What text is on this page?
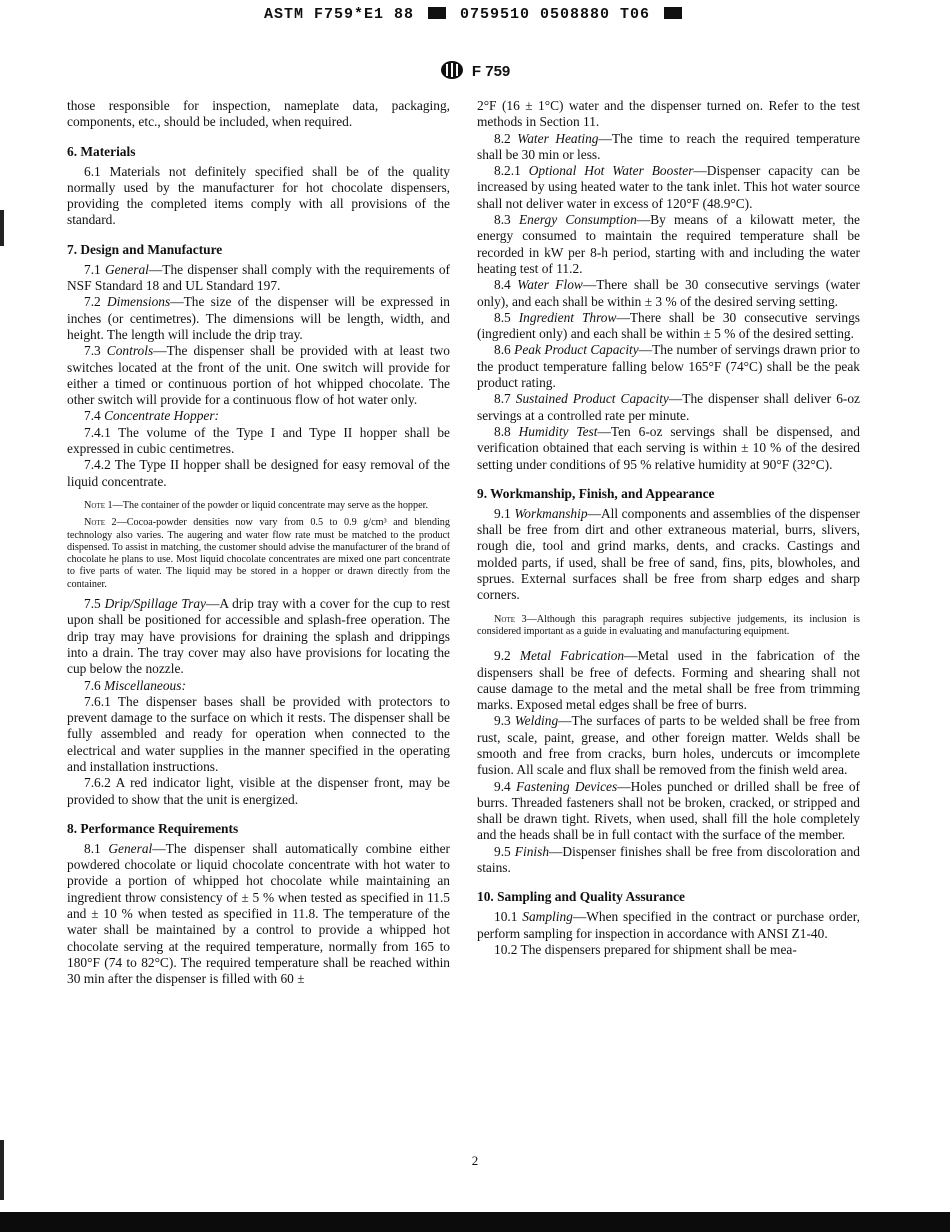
ASTM F759*E1 88	0759510 0508880 T06
F 759

those responsible for inspection, nameplate data, packaging, components, etc., should be included, when required.

6. Materials

6.1 Materials not definitely specified shall be of the quality normally used by the manufacturer for hot chocolate dispensers, providing the completed items comply with all provisions of the standard.

7. Design and Manufacture

7.1 General—The dispenser shall comply with the requirements of NSF Standard 18 and UL Standard 197.

7.2 Dimensions—The size of the dispenser will be expressed in inches (or centimetres). The dimensions will be length, width, and height. The length will include the drip tray.

7.3 Controls—The dispenser shall be provided with at least two switches located at the front of the unit. One switch will provide for either a timed or continuous portion of hot whipped chocolate. The other switch will provide for a continuous flow of hot water only.

7.4 Concentrate Hopper:

7.4.1 The volume of the Type I and Type II hopper shall be expressed in cubic centimetres.

7.4.2 The Type II hopper shall be designed for easy removal of the liquid concentrate.

Note 1—The container of the powder or liquid concentrate may serve as the hopper.

Note 2—Cocoa-powder densities now vary from 0.5 to 0.9 g/cm³ and blending technology also varies. The augering and water flow rate must be matched to the product dispensed. To assist in matching, the customer should advise the manufacturer of the brand of chocolate he plans to use. Most liquid chocolate concentrates are mixed one part concentrate to five parts of water. The liquid may be stored in a hopper or drawn directly from the container.

7.5 Drip/Spillage Tray—A drip tray with a cover for the cup to rest upon shall be positioned for accessible and splash-free operation. The drip tray may have provisions for draining the splash and drippings into a drain. The tray cover may also have provisions for locating the cup below the nozzle.

7.6 Miscellaneous:

7.6.1 The dispenser bases shall be provided with protectors to prevent damage to the surface on which it rests. The dispenser shall be fully assembled and ready for operation when connected to the electrical and water supplies in the manner specified in the operating and installation instructions.

7.6.2 A red indicator light, visible at the dispenser front, may be provided to show that the unit is energized.

8. Performance Requirements

8.1 General—The dispenser shall automatically combine either powdered chocolate or liquid chocolate concentrate with hot water to provide a portion of whipped hot chocolate while maintaining an ingredient throw consistency of ± 5 % when tested as specified in 11.5 and ± 10 % when tested as specified in 11.8. The temperature of the water shall be maintained by a control to provide a whipped hot chocolate serving at the required temperature, normally from 165 to 180°F (74 to 82°C). The required temperature shall be reached within 30 min after the dispenser is filled with 60 ±

2°F (16 ± 1°C) water and the dispenser turned on. Refer to the test methods in Section 11.

8.2 Water Heating—The time to reach the required temperature shall be 30 min or less.

8.2.1 Optional Hot Water Booster—Dispenser capacity can be increased by using heated water to the tank inlet. This hot water source shall not deliver water in excess of 120°F (48.9°C).

8.3 Energy Consumption—By means of a kilowatt meter, the energy consumed to maintain the required temperature shall be recorded in kW per 8-h period, starting with and including the water heating test of 11.2.

8.4 Water Flow—There shall be 30 consecutive servings (water only), and each shall be within ± 3 % of the desired serving setting.

8.5 Ingredient Throw—There shall be 30 consecutive servings (ingredient only) and each shall be within ± 5 % of the desired setting.

8.6 Peak Product Capacity—The number of servings drawn prior to the product temperature falling below 165°F (74°C) shall be the peak product rating.

8.7 Sustained Product Capacity—The dispenser shall deliver 6-oz servings at a controlled rate per minute.

8.8 Humidity Test—Ten 6-oz servings shall be dispensed, and verification obtained that each serving is within ± 10 % of the desired setting under conditions of 95 % relative humidity at 90°F (32°C).

9. Workmanship, Finish, and Appearance

9.1 Workmanship—All components and assemblies of the dispenser shall be free from dirt and other extraneous material, burrs, slivers, rough die, tool and grind marks, dents, and cracks. Castings and molded parts, if used, shall be free of sand, fins, pits, blowholes, and sprues. External surfaces shall be free from sharp edges and sharp corners.

Note 3—Although this paragraph requires subjective judgements, its inclusion is considered important as a guide in evaluating and manufacturing equipment.

9.2 Metal Fabrication—Metal used in the fabrication of the dispensers shall be free of defects. Forming and shearing shall not cause damage to the metal and the metal shall be free from trimming marks. Exposed metal edges shall be free of burrs.

9.3 Welding—The surfaces of parts to be welded shall be free from rust, scale, paint, grease, and other foreign matter. Welds shall be smooth and free from cracks, burn holes, undercuts or imcomplete fusion. All scale and flux shall be removed from the finish weld area.

9.4 Fastening Devices—Holes punched or drilled shall be free of burrs. Threaded fasteners shall not be broken, cracked, or stripped and shall be drawn tight. Rivets, when used, shall fill the hole completely and the heads shall be in full contact with the surface of the member.

9.5 Finish—Dispenser finishes shall be free from discoloration and stains.

10. Sampling and Quality Assurance

10.1 Sampling—When specified in the contract or purchase order, perform sampling for inspection in accordance with ANSI Z1-40.

10.2 The dispensers prepared for shipment shall be mea-

2
